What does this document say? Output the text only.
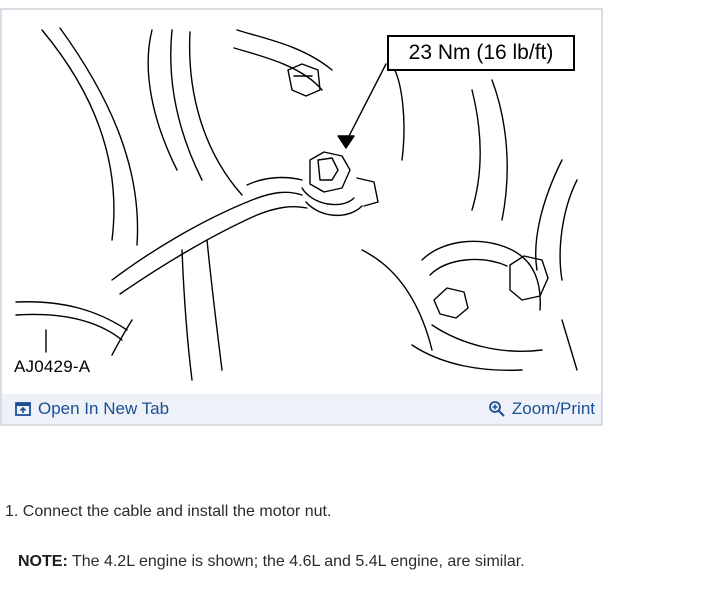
23 Nm (16 lb/ft)
AJ0429-A
Open In New Tab	Zoom/Print
1. Connect the cable and install the motor nut.
NOTE: The 4.2L engine is shown; the 4.6L and 5.4L engine, are similar.
